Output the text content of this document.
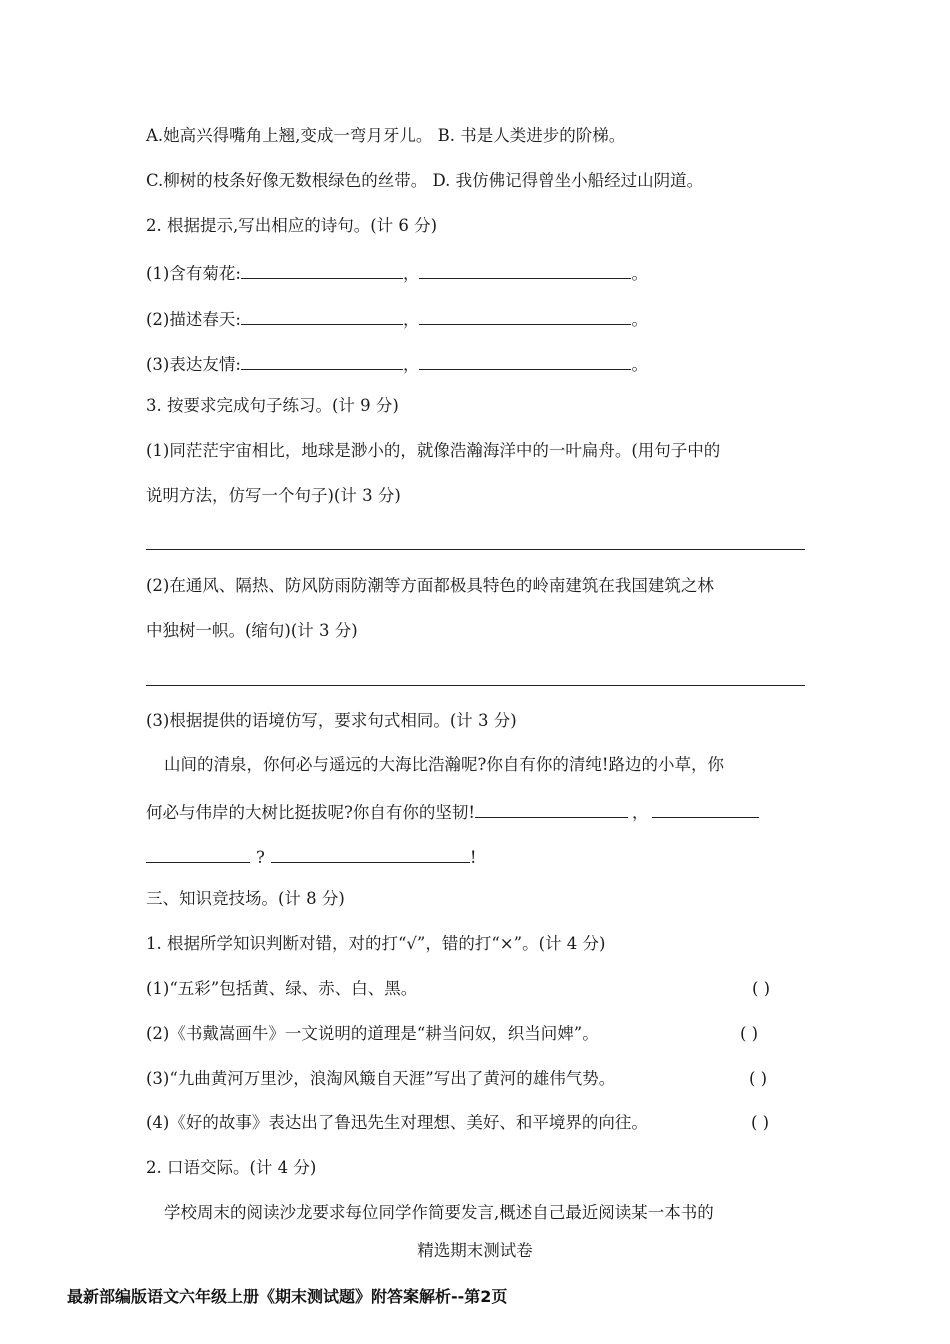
A.她高兴得嘴角上翘,变成一弯月牙儿。 B. 书是人类进步的阶梯。
C.柳树的枝条好像无数根绿色的丝带。 D. 我仿佛记得曾坐小船经过山阴道。
2. 根据提示,写出相应的诗句。(计 6 分)
(1)含有菊花:	，	。
(2)描述春天:	，	。
(3)表达友情:	，	。
3. 按要求完成句子练习。(计 9 分)
(1)同茫茫宇宙相比，地球是渺小的，就像浩瀚海洋中的一叶扁舟。(用句子中的
说明方法，仿写一个句子)(计 3 分)
(2)在通风、隔热、防风防雨防潮等方面都极具特色的岭南建筑在我国建筑之林
中独树一帜。(缩句)(计 3 分)
(3)根据提供的语境仿写，要求句式相同。(计 3 分)
山间的清泉，你何必与遥远的大海比浩瀚呢?你自有你的清纯!路边的小草，你
何必与伟岸的大树比挺拔呢?你自有你的坚韧!	，
?	!
三、知识竞技场。(计 8 分)
1. 根据所学知识判断对错，对的打“√”，错的打“×”。(计 4 分)
(1)“五彩”包括黄、绿、赤、白、黑。	( )
(2)《书戴嵩画牛》一文说明的道理是“耕当问奴，织当问婢”。	( )
(3)“九曲黄河万里沙，浪淘风簸自天涯”写出了黄河的雄伟气势。	( )
(4)《好的故事》表达出了鲁迅先生对理想、美好、和平境界的向往。	( )
2. 口语交际。(计 4 分)
学校周末的阅读沙龙要求每位同学作简要发言,概述自己最近阅读某一本书的
精选期末测试卷
最新部编版语文六年级上册《期末测试题》附答案解析--第2页
